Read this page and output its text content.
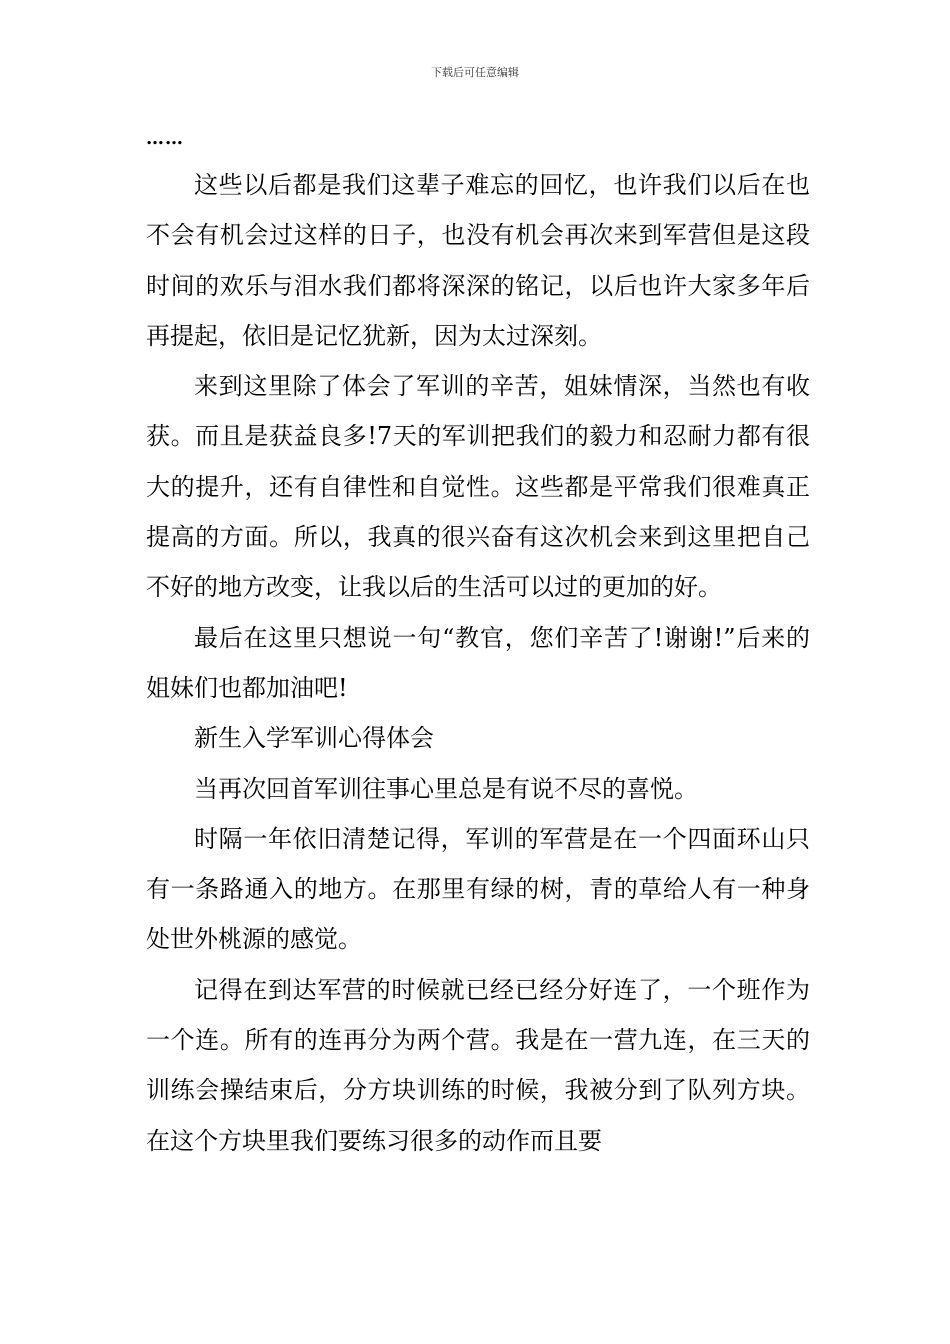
下载后可任意编辑
……

这些以后都是我们这辈子难忘的回忆，也许我们以后在也不会有机会过这样的日子，也没有机会再次来到军营但是这段时间的欢乐与泪水我们都将深深的铭记，以后也许大家多年后再提起，依旧是记忆犹新，因为太过深刻。

来到这里除了体会了军训的辛苦，姐妹情深，当然也有收获。而且是获益良多!7天的军训把我们的毅力和忍耐力都有很大的提升，还有自律性和自觉性。这些都是平常我们很难真正提高的方面。所以，我真的很兴奋有这次机会来到这里把自己不好的地方改变，让我以后的生活可以过的更加的好。

最后在这里只想说一句“教官，您们辛苦了!谢谢!”后来的姐妹们也都加油吧!

新生入学军训心得体会

当再次回首军训往事心里总是有说不尽的喜悦。

时隔一年依旧清楚记得，军训的军营是在一个四面环山只有一条路通入的地方。在那里有绿的树，青的草给人有一种身处世外桃源的感觉。

记得在到达军营的时候就已经已经分好连了，一个班作为一个连。所有的连再分为两个营。我是在一营九连，在三天的训练会操结束后，分方块训练的时候，我被分到了队列方块。在这个方块里我们要练习很多的动作而且要
